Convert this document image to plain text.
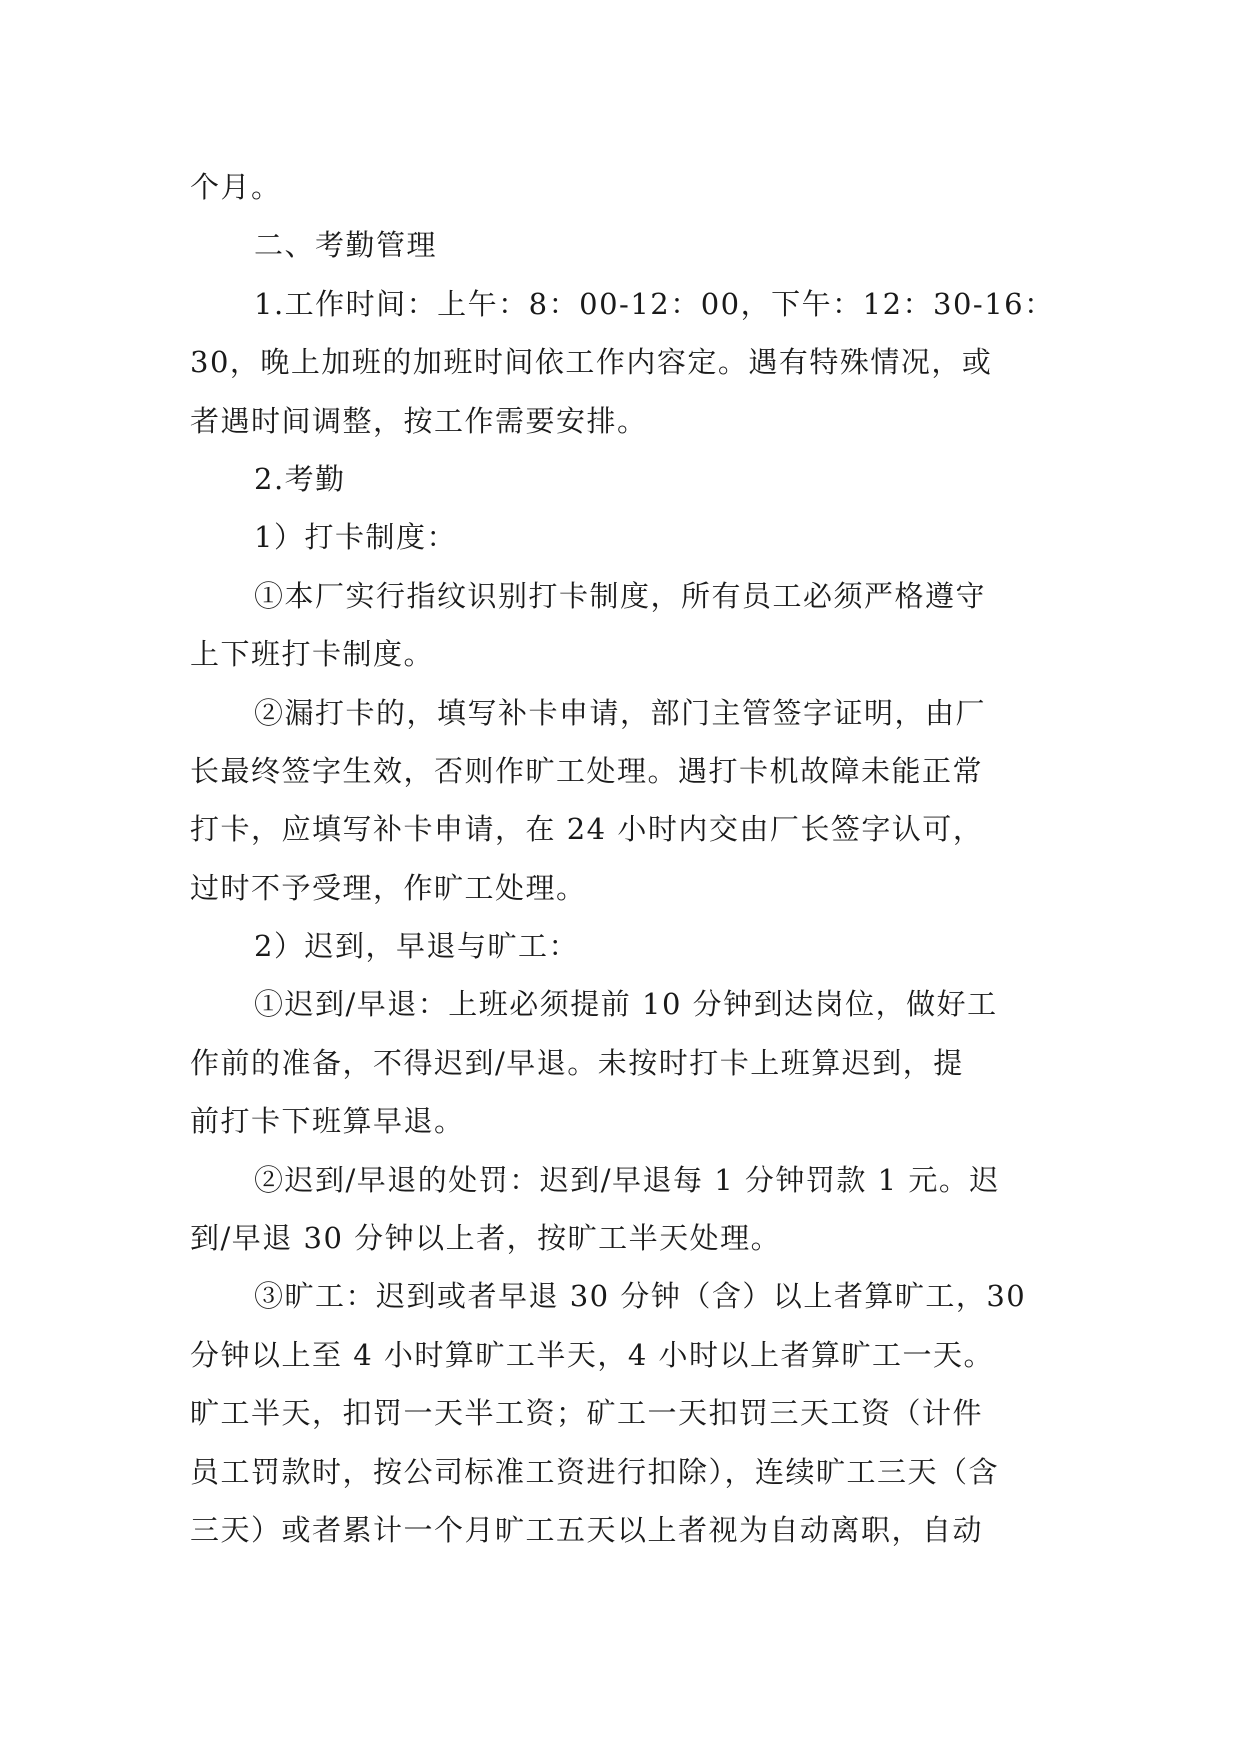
个月。
二、考勤管理
1.工作时间：上午：8：00-12：00，下午：12：30-16：
30，晚上加班的加班时间依工作内容定。遇有特殊情况，或
者遇时间调整，按工作需要安排。
2.考勤
1）打卡制度：
①本厂实行指纹识别打卡制度，所有员工必须严格遵守
上下班打卡制度。
②漏打卡的，填写补卡申请，部门主管签字证明，由厂
长最终签字生效，否则作旷工处理。遇打卡机故障未能正常
打卡，应填写补卡申请，在 24 小时内交由厂长签字认可，
过时不予受理，作旷工处理。
2）迟到，早退与旷工：
①迟到/早退：上班必须提前 10 分钟到达岗位，做好工
作前的准备，不得迟到/早退。未按时打卡上班算迟到，提
前打卡下班算早退。
②迟到/早退的处罚：迟到/早退每 1 分钟罚款 1 元。迟
到/早退 30 分钟以上者，按旷工半天处理。
③旷工：迟到或者早退 30 分钟（含）以上者算旷工，30
分钟以上至 4 小时算旷工半天，4 小时以上者算旷工一天。
旷工半天，扣罚一天半工资；矿工一天扣罚三天工资（计件
员工罚款时，按公司标准工资进行扣除），连续旷工三天（含
三天）或者累计一个月旷工五天以上者视为自动离职，自动
